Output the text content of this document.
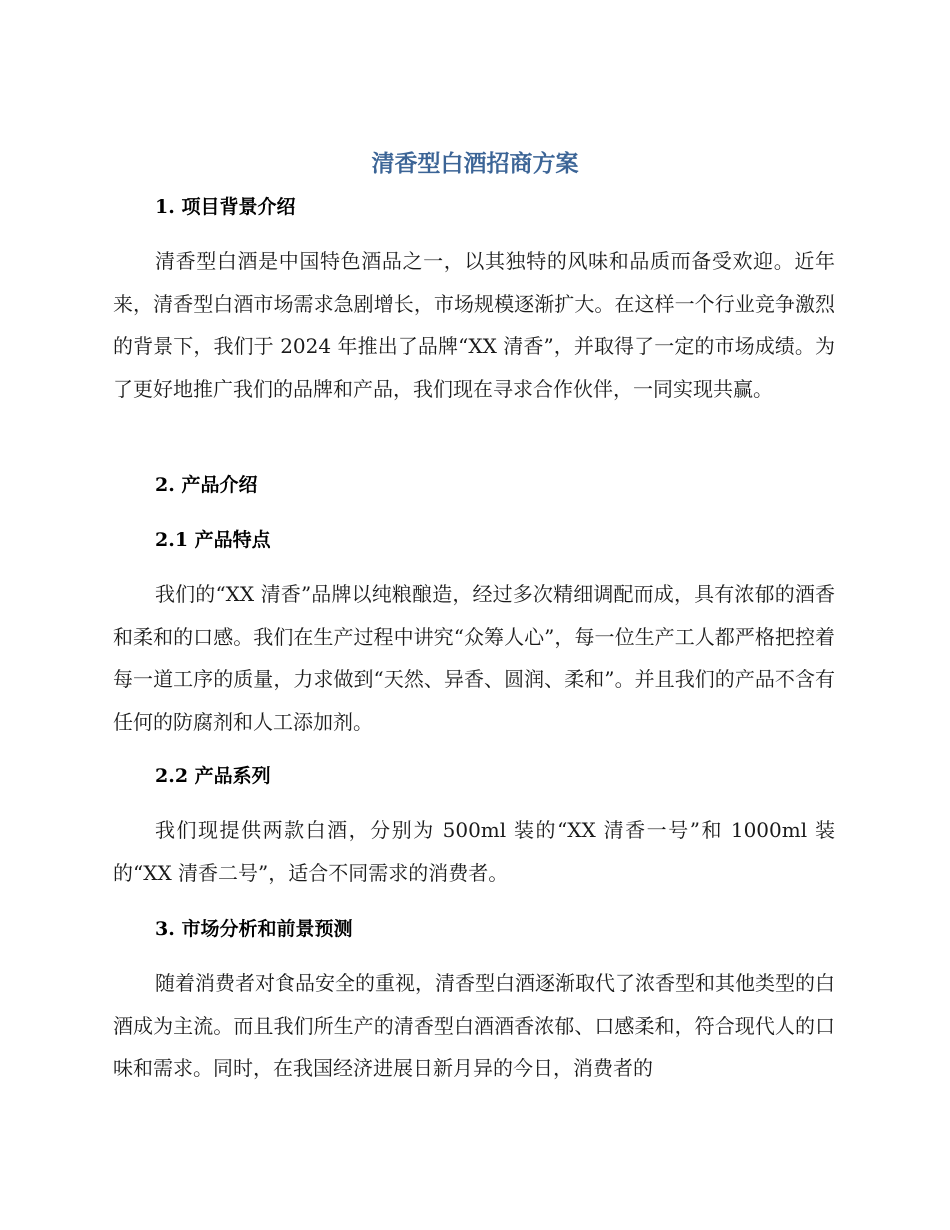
清香型白酒招商方案
1. 项目背景介绍

清香型白酒是中国特色酒品之一，以其独特的风味和品质而备受欢迎。近年来，清香型白酒市场需求急剧增长，市场规模逐渐扩大。在这样一个行业竞争激烈的背景下，我们于 2024 年推出了品牌“XX 清香”，并取得了一定的市场成绩。为了更好地推广我们的品牌和产品，我们现在寻求合作伙伴，一同实现共赢。

2. 产品介绍
2.1 产品特点

我们的“XX 清香”品牌以纯粮酿造，经过多次精细调配而成，具有浓郁的酒香和柔和的口感。我们在生产过程中讲究“众筹人心”，每一位生产工人都严格把控着每一道工序的质量，力求做到“天然、异香、圆润、柔和”。并且我们的产品不含有任何的防腐剂和人工添加剂。

2.2 产品系列

我们现提供两款白酒，分别为 500ml 装的“XX 清香一号”和 1000ml 装的“XX 清香二号”，适合不同需求的消费者。

3. 市场分析和前景预测

随着消费者对食品安全的重视，清香型白酒逐渐取代了浓香型和其他类型的白酒成为主流。而且我们所生产的清香型白酒酒香浓郁、口感柔和，符合现代人的口味和需求。同时，在我国经济进展日新月异的今日，消费者的
